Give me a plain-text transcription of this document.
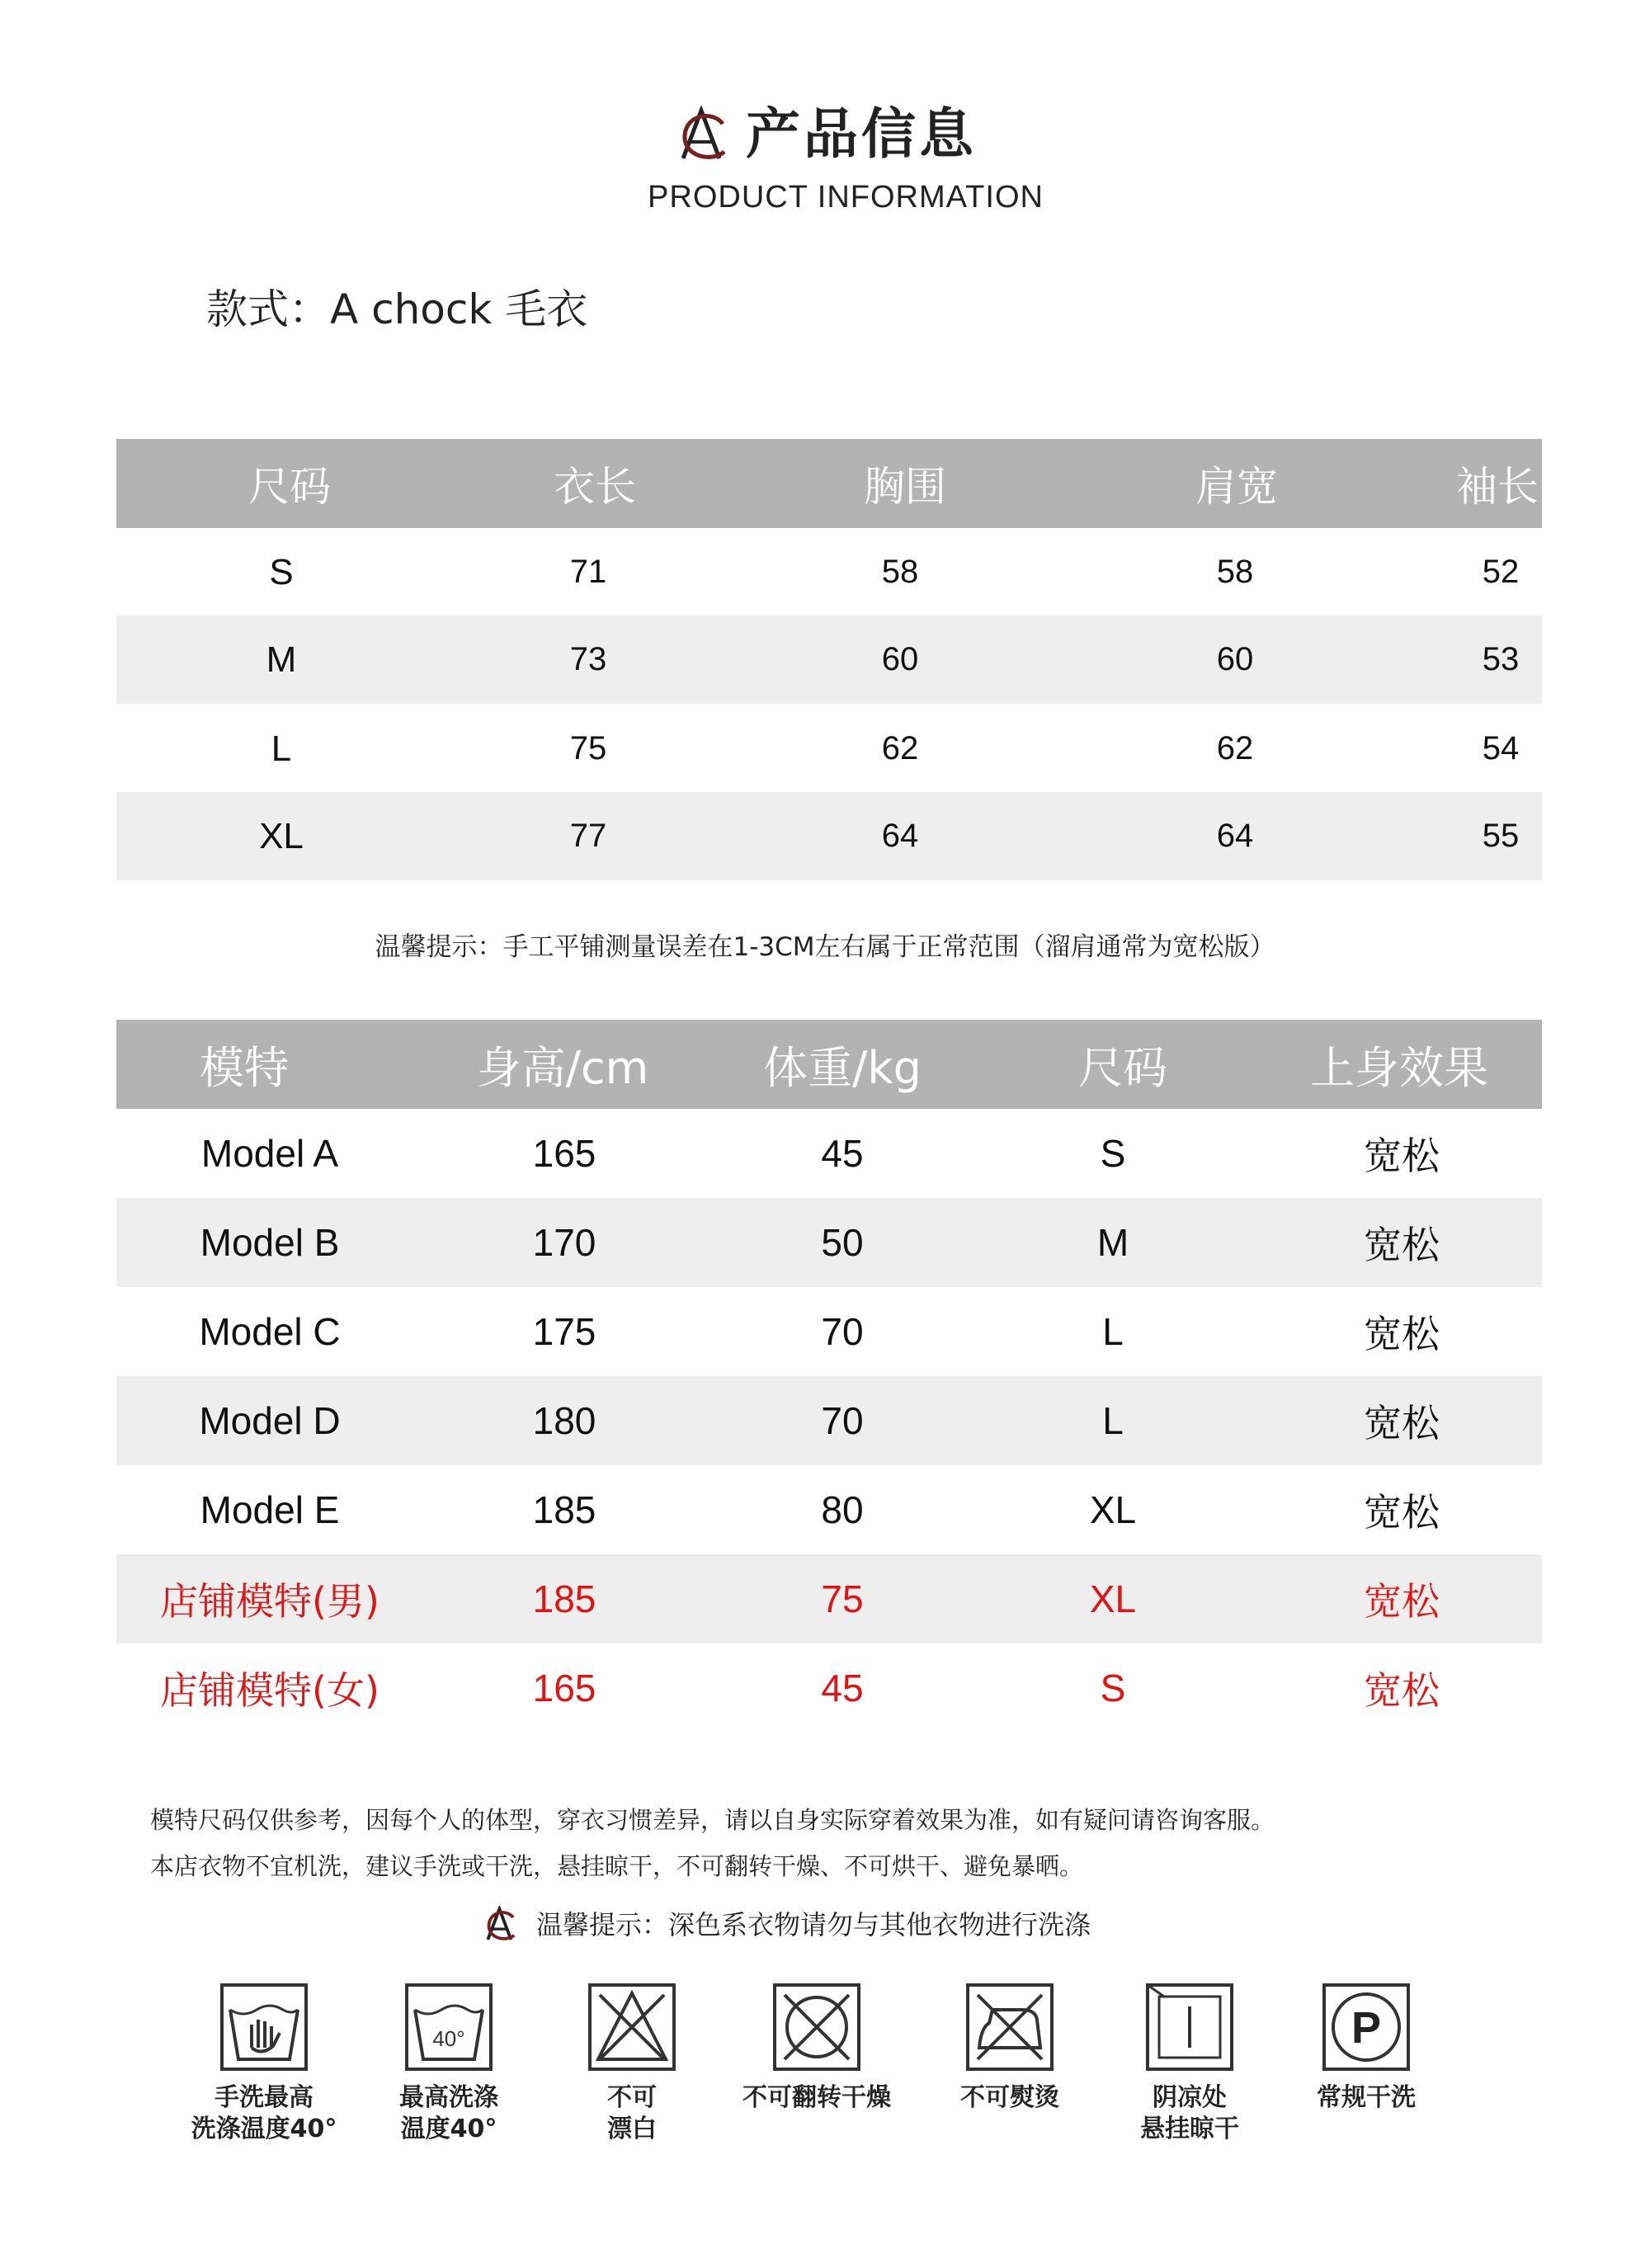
产品信息
PRODUCT INFORMATION
款式：A chock 毛衣
尺码	衣长	胸围	肩宽	袖长
S	71	58	58	52
M	73	60	60	53
L	75	62	62	54
XL	77	64	64	55
温馨提示：手工平铺测量误差在1-3CM左右属于正常范围（溜肩通常为宽松版）
模特	身高/cm	体重/kg	尺码	上身效果
Model A	165	45	S	宽松
Model B	170	50	M	宽松
Model C	175	70	L	宽松
Model D	180	70	L	宽松
Model E	185	80	XL	宽松
店铺模特(男)	185	75	XL	宽松
店铺模特(女)	165	45	S	宽松
模特尺码仅供参考，因每个人的体型，穿衣习惯差异，请以自身实际穿着效果为准，如有疑问请咨询客服。
本店衣物不宜机洗，建议手洗或干洗，悬挂晾干，不可翻转干燥、不可烘干、避免暴晒。
温馨提示：深色系衣物请勿与其他衣物进行洗涤
手洗最高
洗涤温度40°
40°
最高洗涤
温度40°
不可
漂白
不可翻转干燥	不可熨烫	阴凉处
悬挂晾干
P
常规干洗
